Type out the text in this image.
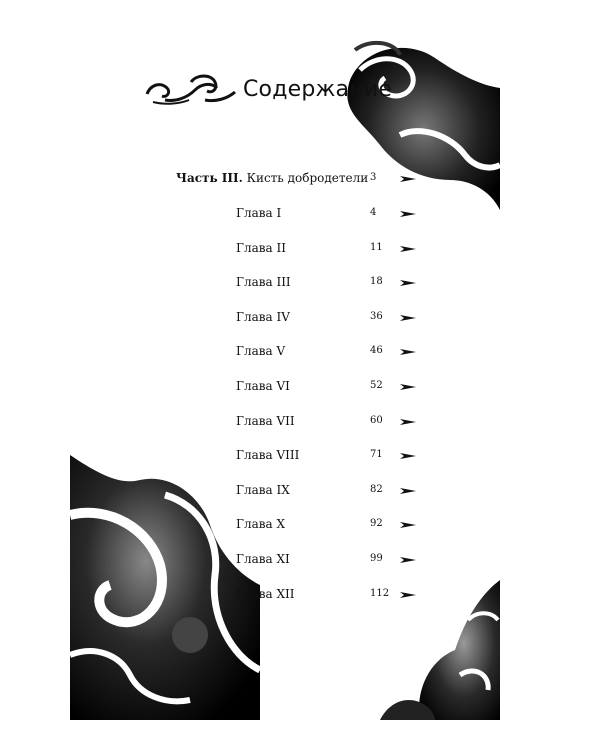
Содержание
Часть III. Кисть добродетели 3
Глава I	4
Глава II	11
Глава III	18
Глава IV	36
Глава V	46
Глава VI	52
Глава VII	60
Глава VIII	71
Глава IX	82
Глава X	92
Глава XI	99
Глава XII	112
